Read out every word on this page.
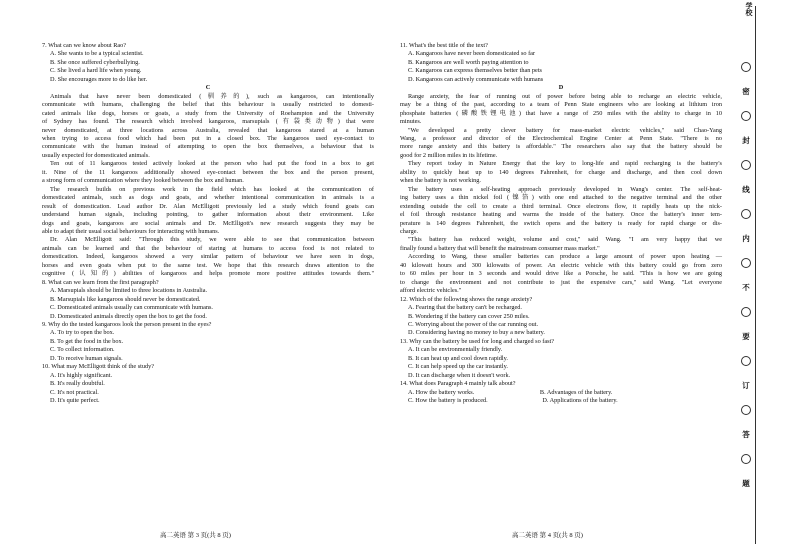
7. What can we know about Rao?

A. She wants to be a typical scientist.

B. She once suffered cyberbullying.

C. She lived a hard life when young.

D. She encourages more to do like her.

C

Animals that have never been domesticated (驯养的), such as kangaroos, can intentionally

communicate with humans, challenging the belief that this behaviour is usually restricted to domesti-

cated animals like dogs, horses or goats, a study from the University of Roehampton and the University

of Sydney has found. The research which involved kangaroos, marsupials (有袋类动物) that were

never domesticated, at three locations across Australia, revealed that kangaroos stared at a human

when trying to access food which had been put in a closed box. The kangaroos used eye-contact to

communicate with the human instead of attempting to open the box themselves, a behaviour that is

usually expected for domesticated animals.

Ten out of 11 kangaroos tested actively looked at the person who had put the food in a box to get

it. Nine of the 11 kangaroos additionally showed eye-contact between the box and the person present,

a strong form of communication where they looked between the box and human.

The research builds on previous work in the field which has looked at the communication of

domesticated animals, such as dogs and goats, and whether intentional communication in animals is a

result of domestication. Lead author Dr. Alan McElligott previously led a study which found goats can

understand human signals, including pointing, to gather information about their environment. Like

dogs and goats, kangaroos are social animals and Dr. McElligott's new research suggests they may be

able to adapt their usual social behaviours for interacting with humans.

Dr. Alan McElligott said: "Through this study, we were able to see that communication between

animals can be learned and that the behaviour of staring at humans to access food is not related to

domestication. Indeed, kangaroos showed a very similar pattern of behaviour we have seen in dogs,

horses and even goats when put to the same test. We hope that this research draws attention to the

cognitive (认知的) abilities of kangaroos and helps promote more positive attitudes towards them."

8. What can we learn from the first paragraph?

A. Marsupials should be limited to three locations in Australia.

B. Marsupials like kangaroos should never be domesticated.

C. Domesticated animals usually can communicate with humans.

D. Domesticated animals directly open the box to get the food.

9. Why do the tested kangaroos look the person present in the eyes?

A. To try to open the box.

B. To get the food in the box.

C. To collect information.

D. To receive human signals.

10. What may McElligott think of the study?

A. It's highly significant.

B. It's really doubtful.

C. It's not practical.

D. It's quite perfect.

11. What's the best title of the text?

A. Kangaroos have never been domesticated so far

B. Kangaroos are well worth paying attention to

C. Kangaroos can express themselves better than pets

D. Kangaroos can actively communicate with humans

D

Range anxiety, the fear of running out of power before being able to recharge an electric vehicle,

may be a thing of the past, according to a team of Penn State engineers who are looking at lithium iron

phosphate batteries (磷酸铁锂电池) that have a range of 250 miles with the ability to charge in 10

minutes.

"We developed a pretty clever battery for mass-market electric vehicles," said Chao-Yang

Wang, a professor and director of the Electrochemical Engine Center at Penn State. "There is no

more range anxiety and this battery is affordable." The researchers also say that the battery should be

good for 2 million miles in its lifetime.

They report today in Nature Energy that the key to long-life and rapid recharging is the battery's

ability to quickly heat up to 140 degrees Fahrenheit, for charge and discharge, and then cool down

when the battery is not working.

The battery uses a self-heating approach previously developed in Wang's center. The self-heat-

ing battery uses a thin nickel foil (镍箔) with one end attached to the negative terminal and the other

extending outside the cell to create a third terminal. Once electrons flow, it rapidly heats up the nick-

el foil through resistance heating and warms the inside of the battery. Once the battery's inner tem-

perature is 140 degrees Fahrenheit, the switch opens and the battery is ready for rapid charge or dis-

charge.

"This battery has reduced weight, volume and cost," said Wang. "I am very happy that we

finally found a battery that will benefit the mainstream consumer mass market."

According to Wang, these smaller batteries can produce a large amount of power upon heating —

40 kilowatt hours and 300 kilowatts of power. An electric vehicle with this battery could go from zero

to 60 miles per hour in 3 seconds and would drive like a Porsche, he said. "This is how we are going

to change the environment and not contribute to just the expensive cars," said Wang. "Let everyone

afford electric vehicles."

12. Which of the following shows the range anxiety?

A. Fearing that the battery can't be recharged.

B. Wondering if the battery can cover 250 miles.

C. Worrying about the power of the car running out.

D. Considering having no money to buy a new battery.

13. Why can the battery be used for long and charged so fast?

A. It can be environmentally friendly.

B. It can heat up and cool down rapidly.

C. It can help speed up the car instantly.

D. It can discharge when it doesn't work.

14. What does Paragraph 4 mainly talk about?

A. How the battery works.                                          B. Advantages of the battery.

C. How the battery is produced.                                   D. Applications of the battery.

高二英语 第 3 页(共 8 页)	高二英语 第 4 页(共 8 页)
学校
密
封
线
内
不
要
订
答
题
